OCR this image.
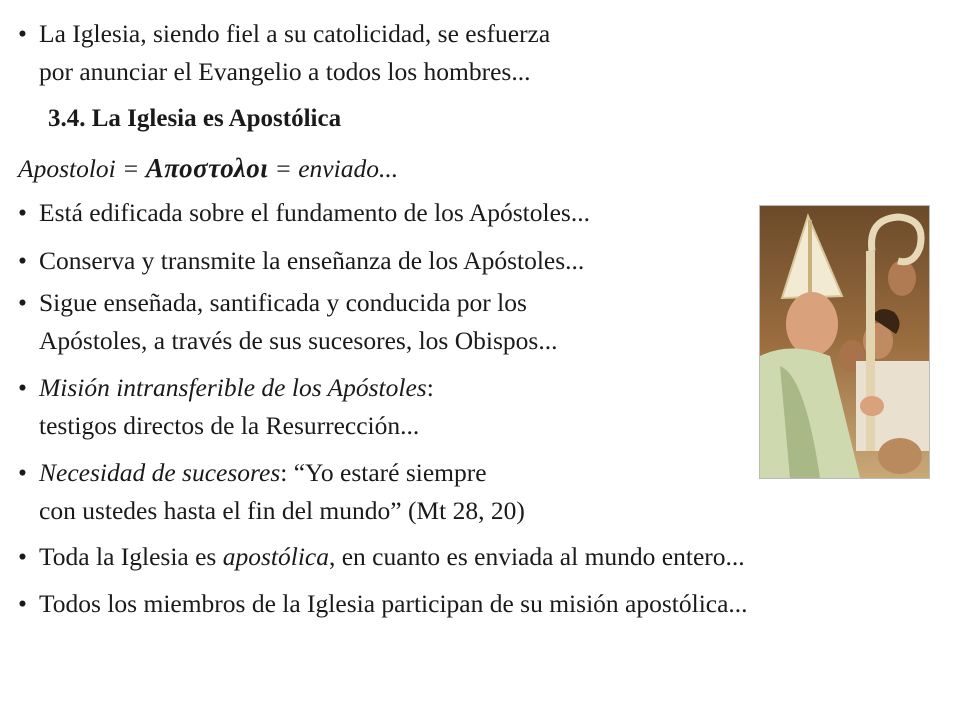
• La Iglesia, siendo fiel a su catolicidad, se esfuerza
por anunciar el Evangelio a todos los hombres...
3.4. La Iglesia es Apostólica
Apostoloi = Αποστολοι = enviado...
• Está edificada sobre el fundamento de los Apóstoles...
• Conserva y transmite la enseñanza de los Apóstoles...
• Sigue enseñada, santificada y conducida por los
Apóstoles, a través de sus sucesores, los Obispos...
• Misión intransferible de los Apóstoles:
testigos directos de la Resurrección...
• Necesidad de sucesores: “Yo estaré siempre
con ustedes hasta el fin del mundo” (Mt 28, 20)
• Toda la Iglesia es apostólica, en cuanto es enviada al mundo entero...
• Todos los miembros de la Iglesia participan de su misión apostólica...
